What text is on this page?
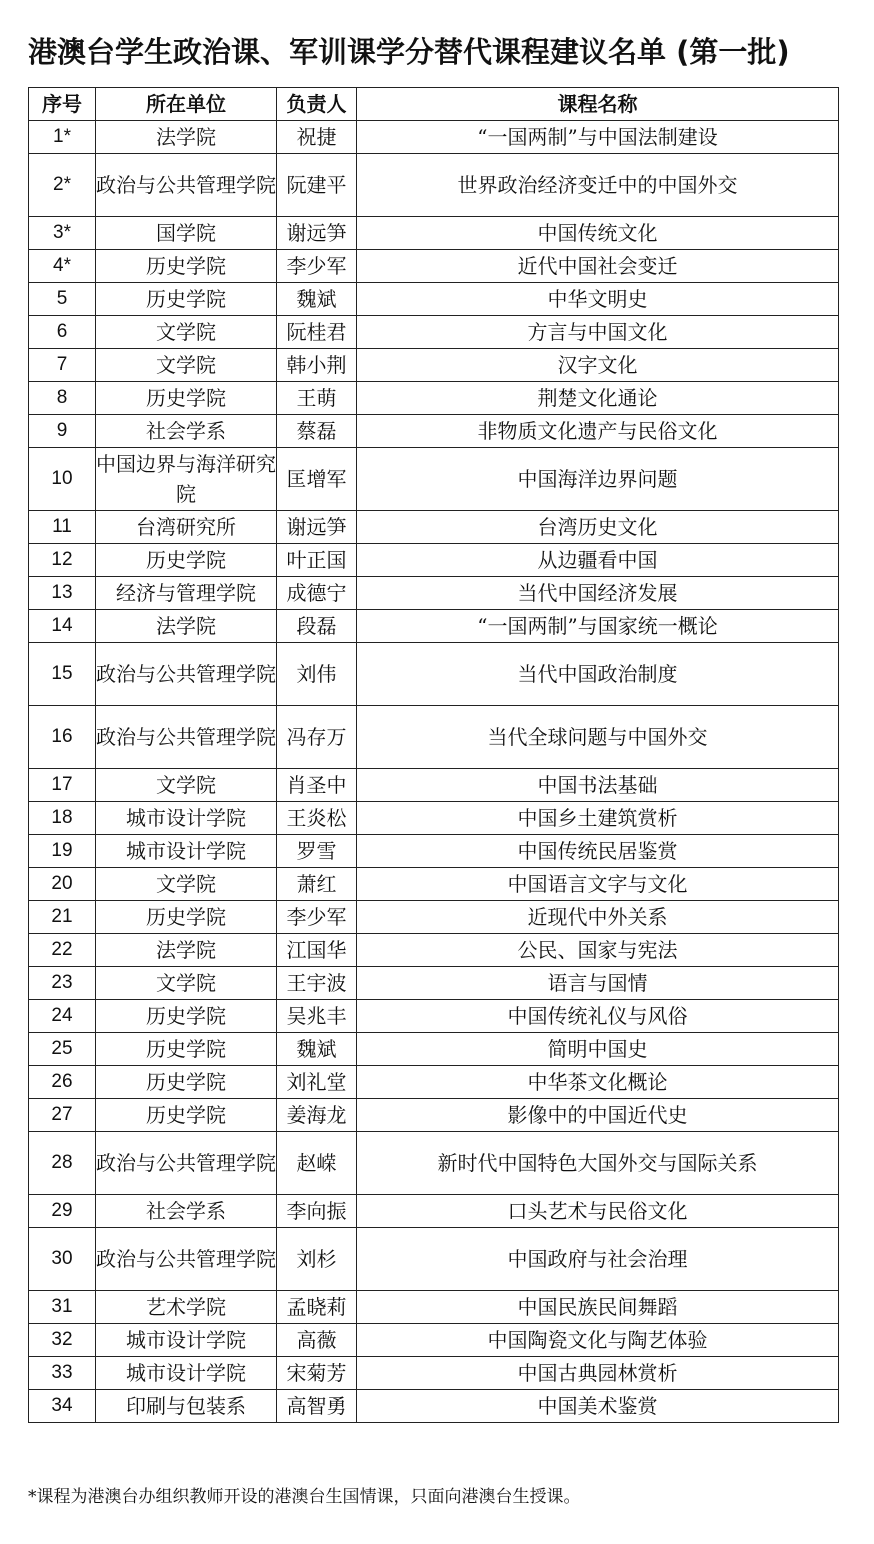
港澳台学生政治课、军训课学分替代课程建议名单 (第一批)
序号	所在单位	负责人	课程名称
1*	法学院	祝捷	“一国两制”与中国法制建设
2*	政治与公共管理学院	阮建平	世界政治经济变迁中的中国外交
3*	国学院	谢远笋	中国传统文化
4*	历史学院	李少军	近代中国社会变迁
5	历史学院	魏斌	中华文明史
6	文学院	阮桂君	方言与中国文化
7	文学院	韩小荆	汉字文化
8	历史学院	王萌	荆楚文化通论
9	社会学系	蔡磊	非物质文化遗产与民俗文化
10	中国边界与海洋研究院	匡增军	中国海洋边界问题
11	台湾研究所	谢远笋	台湾历史文化
12	历史学院	叶正国	从边疆看中国
13	经济与管理学院	成德宁	当代中国经济发展
14	法学院	段磊	“一国两制”与国家统一概论
15	政治与公共管理学院	刘伟	当代中国政治制度
16	政治与公共管理学院	冯存万	当代全球问题与中国外交
17	文学院	肖圣中	中国书法基础
18	城市设计学院	王炎松	中国乡土建筑赏析
19	城市设计学院	罗雪	中国传统民居鉴赏
20	文学院	萧红	中国语言文字与文化
21	历史学院	李少军	近现代中外关系
22	法学院	江国华	公民、国家与宪法
23	文学院	王宇波	语言与国情
24	历史学院	吴兆丰	中国传统礼仪与风俗
25	历史学院	魏斌	简明中国史
26	历史学院	刘礼堂	中华茶文化概论
27	历史学院	姜海龙	影像中的中国近代史
28	政治与公共管理学院	赵嵘	新时代中国特色大国外交与国际关系
29	社会学系	李向振	口头艺术与民俗文化
30	政治与公共管理学院	刘杉	中国政府与社会治理
31	艺术学院	孟晓莉	中国民族民间舞蹈
32	城市设计学院	高薇	中国陶瓷文化与陶艺体验
33	城市设计学院	宋菊芳	中国古典园林赏析
34	印刷与包装系	高智勇	中国美术鉴赏
*课程为港澳台办组织教师开设的港澳台生国情课，只面向港澳台生授课。
